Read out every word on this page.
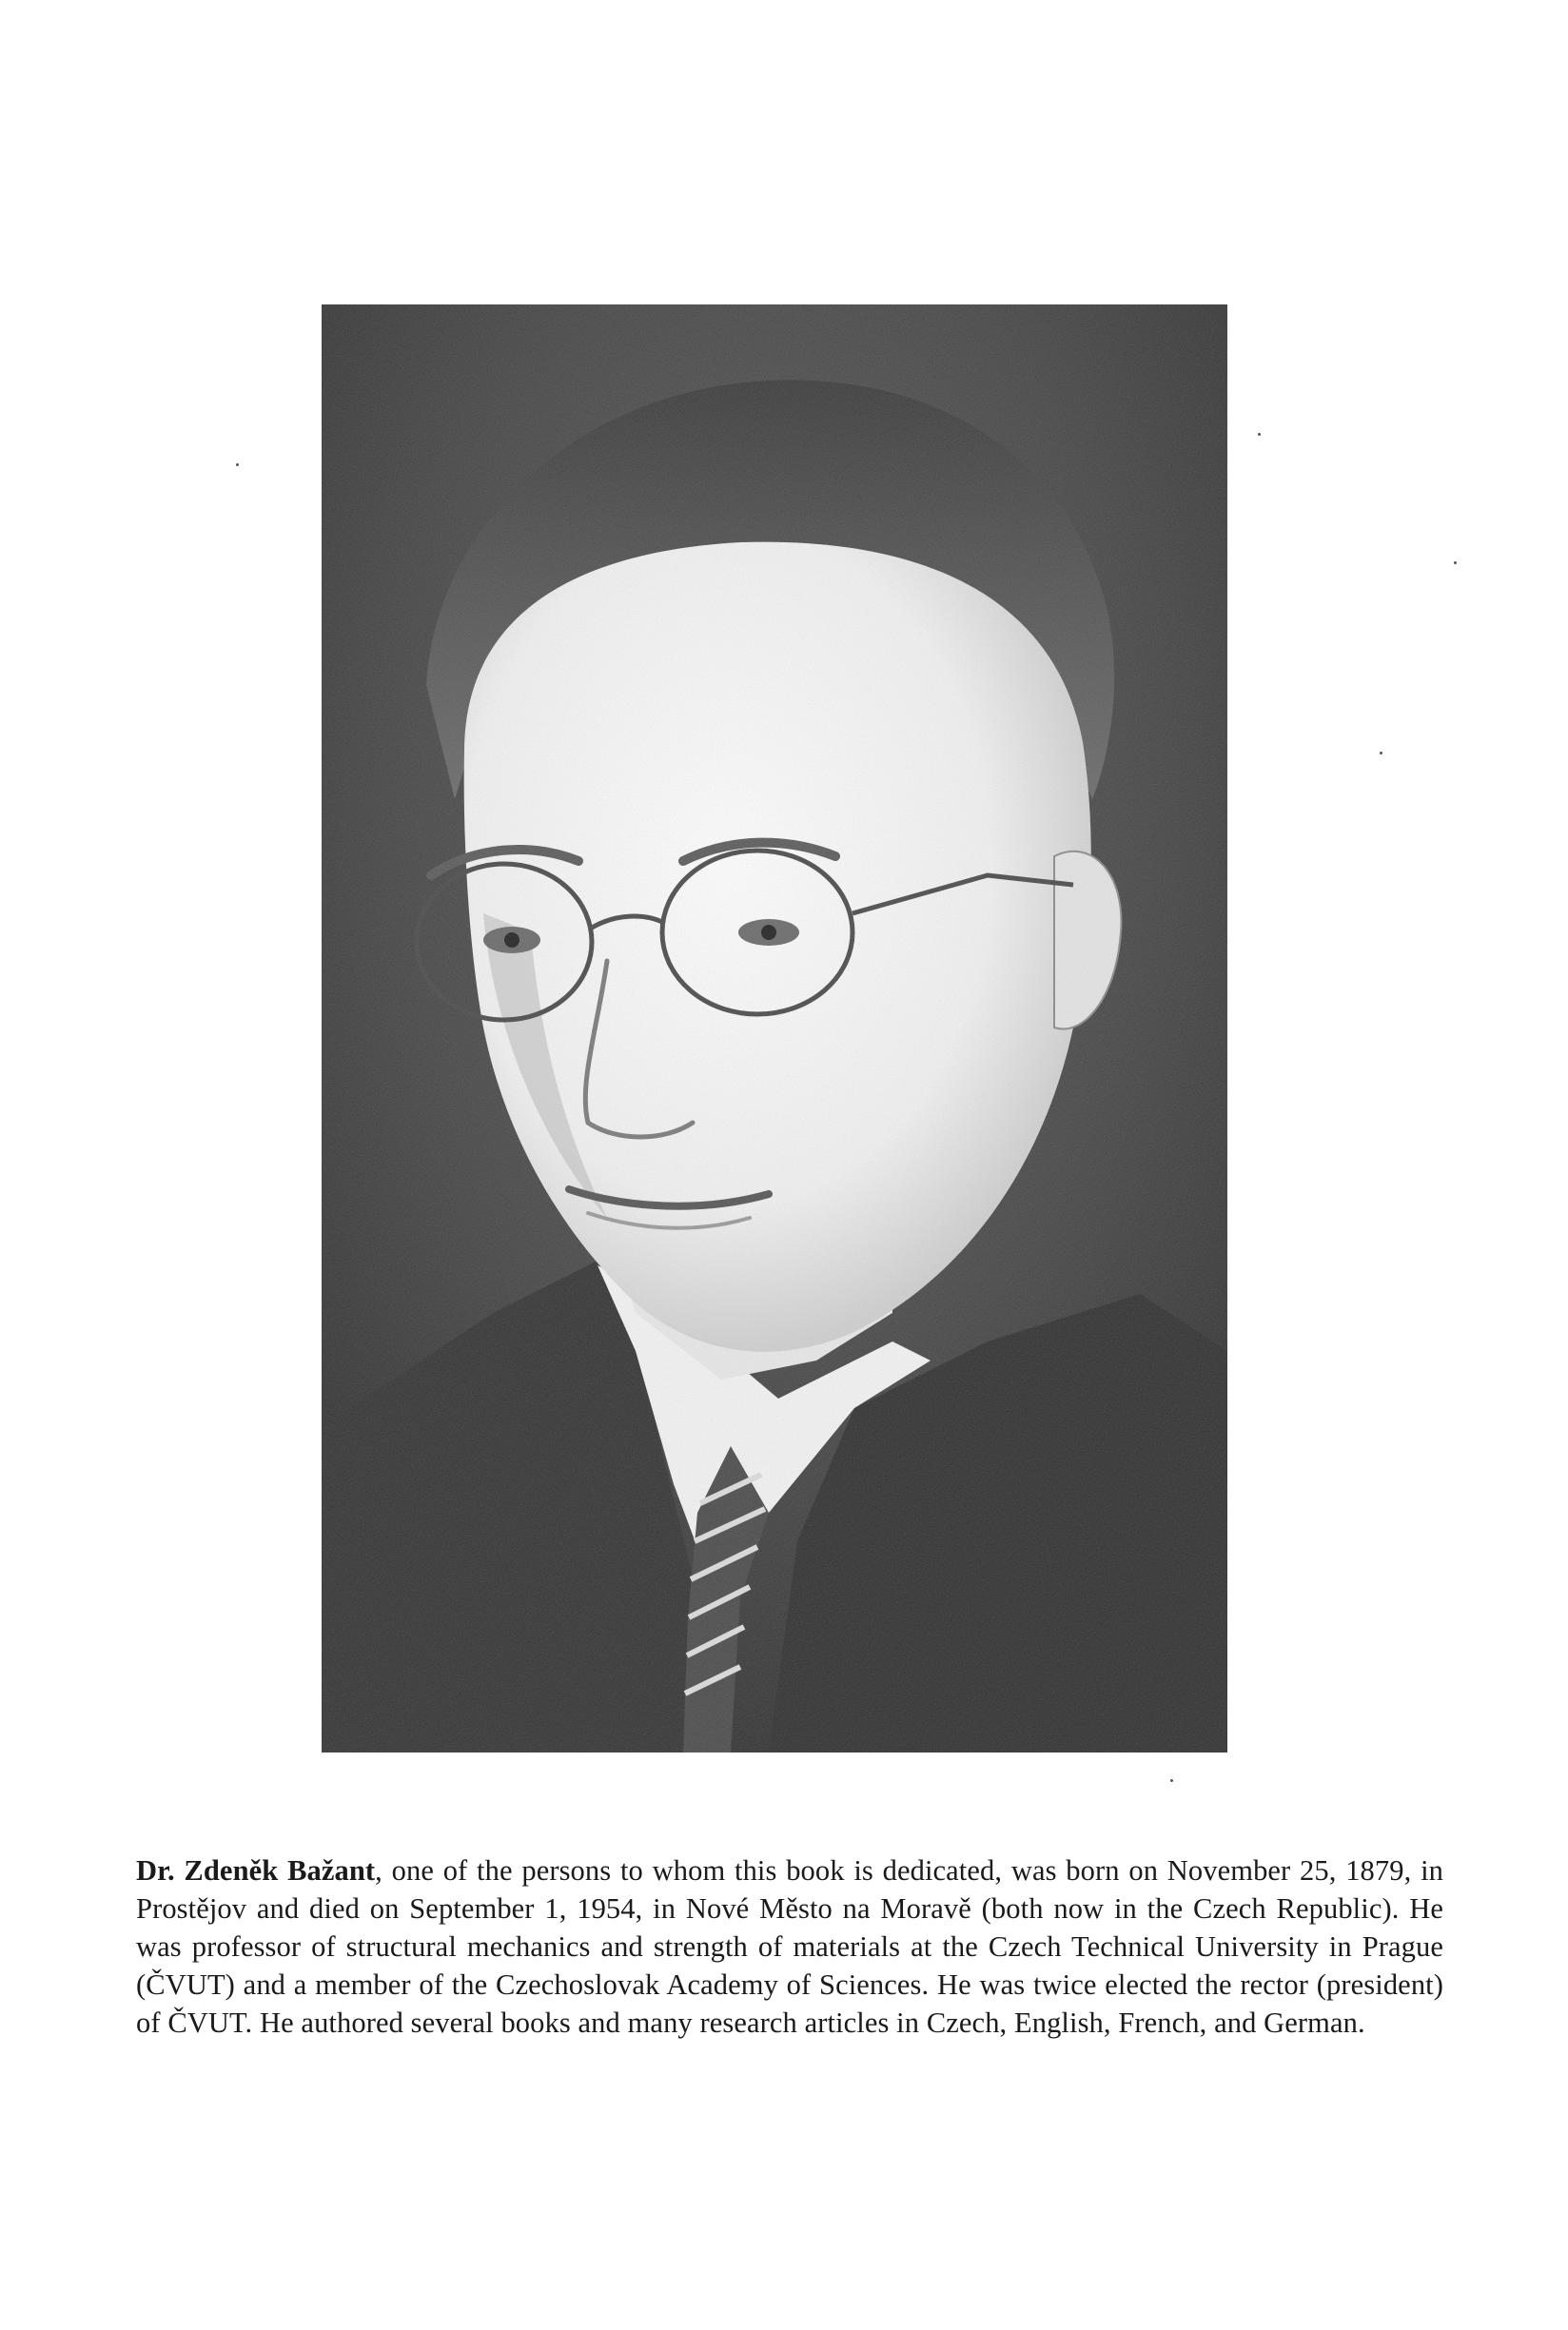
Dr. Zdeněk Bažant, one of the persons to whom this book is dedicated, was born on November 25, 1879, in Prostějov and died on September 1, 1954, in Nové Město na Moravě (both now in the Czech Republic). He was professor of structural mechanics and strength of materials at the Czech Technical University in Prague (ČVUT) and a member of the Czechoslovak Academy of Sciences. He was twice elected the rector (president) of ČVUT. He authored several books and many research articles in Czech, English, French, and German.
